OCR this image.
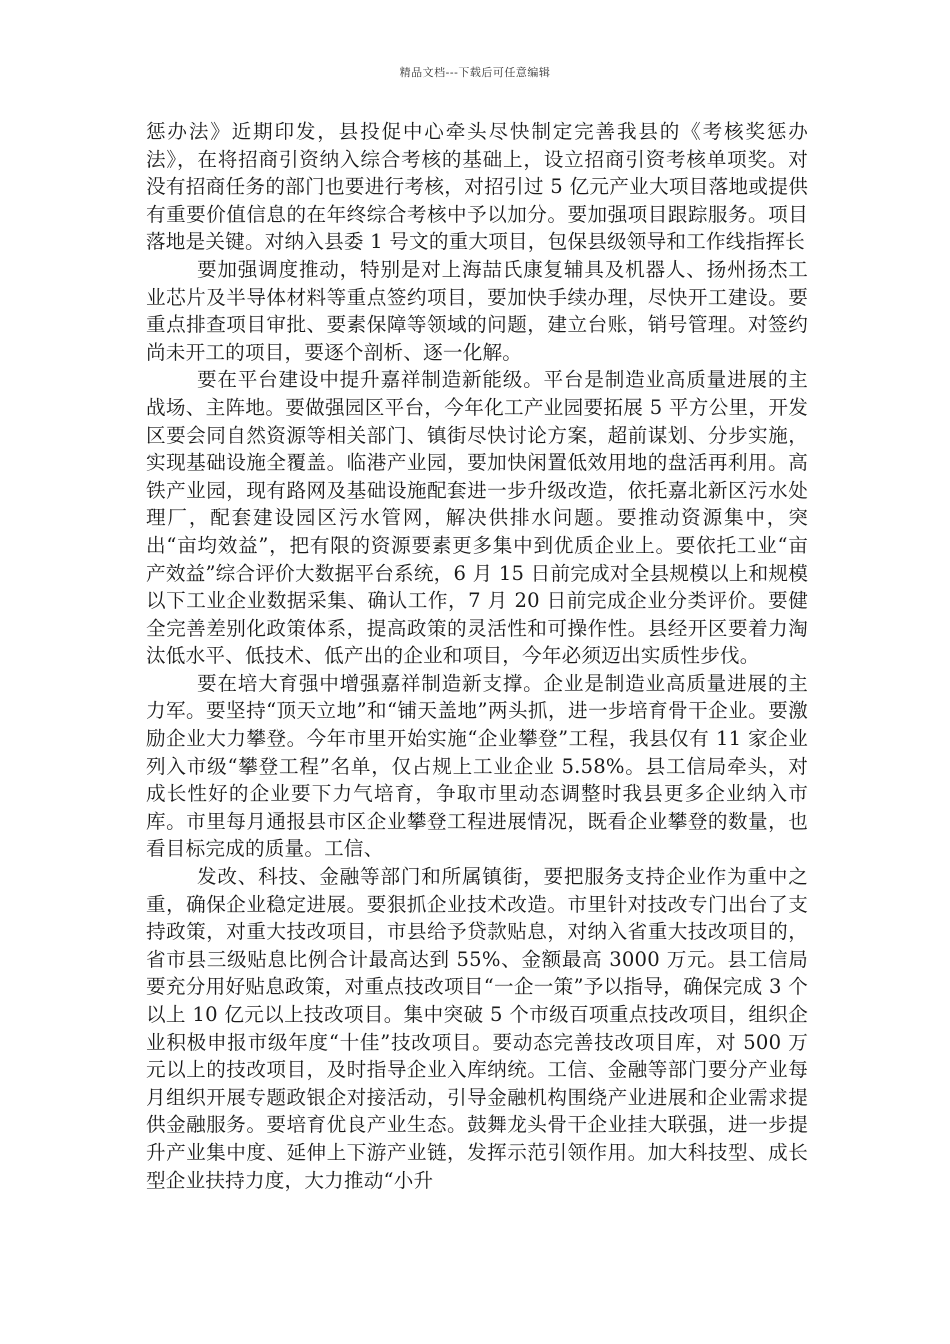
精品文档---下载后可任意编辑

惩办法》近期印发，县投促中心牵头尽快制定完善我县的《考核奖惩办法》，在将招商引资纳入综合考核的基础上，设立招商引资考核单项奖。对没有招商任务的部门也要进行考核，对招引过 5 亿元产业大项目落地或提供有重要价值信息的在年终综合考核中予以加分。要加强项目跟踪服务。项目落地是关键。对纳入县委 1 号文的重大项目，包保县级领导和工作线指挥长

要加强调度推动，特别是对上海喆氏康复辅具及机器人、扬州扬杰工业芯片及半导体材料等重点签约项目，要加快手续办理，尽快开工建设。要重点排查项目审批、要素保障等领域的问题，建立台账，销号管理。对签约尚未开工的项目，要逐个剖析、逐一化解。

要在平台建设中提升嘉祥制造新能级。平台是制造业高质量进展的主战场、主阵地。要做强园区平台，今年化工产业园要拓展 5 平方公里，开发区要会同自然资源等相关部门、镇街尽快讨论方案，超前谋划、分步实施，实现基础设施全覆盖。临港产业园，要加快闲置低效用地的盘活再利用。高铁产业园，现有路网及基础设施配套进一步升级改造，依托嘉北新区污水处理厂，配套建设园区污水管网，解决供排水问题。要推动资源集中，突出“亩均效益”，把有限的资源要素更多集中到优质企业上。要依托工业“亩产效益”综合评价大数据平台系统，6 月 15 日前完成对全县规模以上和规模以下工业企业数据采集、确认工作，7 月 20 日前完成企业分类评价。要健全完善差别化政策体系，提高政策的灵活性和可操作性。县经开区要着力淘汰低水平、低技术、低产出的企业和项目，今年必须迈出实质性步伐。

要在培大育强中增强嘉祥制造新支撑。企业是制造业高质量进展的主力军。要坚持“顶天立地”和“铺天盖地”两头抓，进一步培育骨干企业。要激励企业大力攀登。今年市里开始实施“企业攀登”工程，我县仅有 11 家企业列入市级“攀登工程”名单，仅占规上工业企业 5.58%。县工信局牵头，对成长性好的企业要下力气培育，争取市里动态调整时我县更多企业纳入市库。市里每月通报县市区企业攀登工程进展情况，既看企业攀登的数量，也看目标完成的质量。工信、

发改、科技、金融等部门和所属镇街，要把服务支持企业作为重中之重，确保企业稳定进展。要狠抓企业技术改造。市里针对技改专门出台了支持政策，对重大技改项目，市县给予贷款贴息，对纳入省重大技改项目的，省市县三级贴息比例合计最高达到 55%、金额最高 3000 万元。县工信局要充分用好贴息政策，对重点技改项目“一企一策”予以指导，确保完成 3 个以上 10 亿元以上技改项目。集中突破 5 个市级百项重点技改项目，组织企业积极申报市级年度“十佳”技改项目。要动态完善技改项目库，对 500 万元以上的技改项目，及时指导企业入库纳统。工信、金融等部门要分产业每月组织开展专题政银企对接活动，引导金融机构围绕产业进展和企业需求提供金融服务。要培育优良产业生态。鼓舞龙头骨干企业挂大联强，进一步提升产业集中度、延伸上下游产业链，发挥示范引领作用。加大科技型、成长型企业扶持力度，大力推动“小升
